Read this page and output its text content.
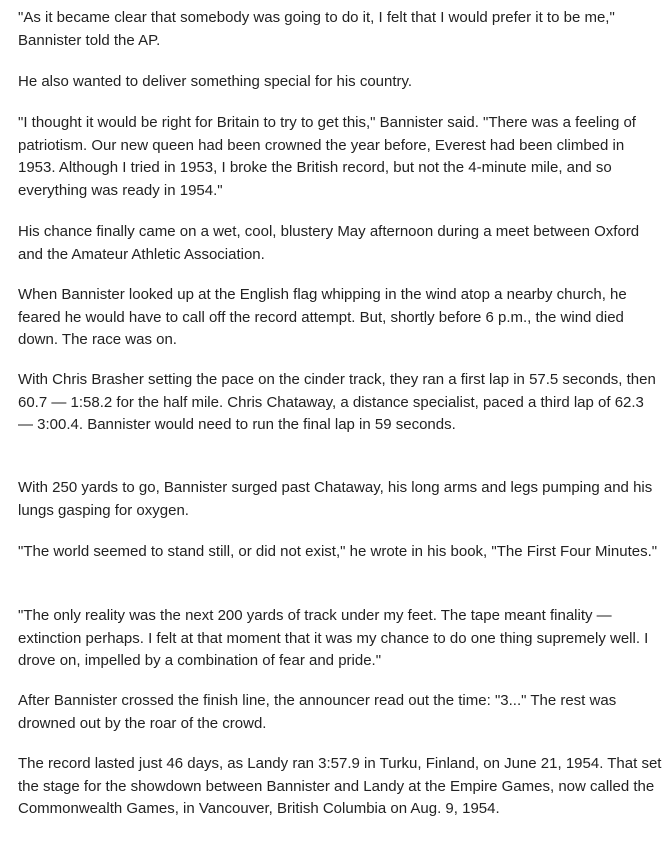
"As it became clear that somebody was going to do it, I felt that I would prefer it to be me," Bannister told the AP.

He also wanted to deliver something special for his country.

"I thought it would be right for Britain to try to get this," Bannister said. "There was a feeling of patriotism. Our new queen had been crowned the year before, Everest had been climbed in 1953. Although I tried in 1953, I broke the British record, but not the 4-minute mile, and so everything was ready in 1954."

His chance finally came on a wet, cool, blustery May afternoon during a meet between Oxford and the Amateur Athletic Association.

When Bannister looked up at the English flag whipping in the wind atop a nearby church, he feared he would have to call off the record attempt. But, shortly before 6 p.m., the wind died down. The race was on.

With Chris Brasher setting the pace on the cinder track, they ran a first lap in 57.5 seconds, then 60.7 — 1:58.2 for the half mile. Chris Chataway, a distance specialist, paced a third lap of 62.3 — 3:00.4. Bannister would need to run the final lap in 59 seconds.

With 250 yards to go, Bannister surged past Chataway, his long arms and legs pumping and his lungs gasping for oxygen.

"The world seemed to stand still, or did not exist," he wrote in his book, "The First Four Minutes."

"The only reality was the next 200 yards of track under my feet. The tape meant finality — extinction perhaps. I felt at that moment that it was my chance to do one thing supremely well. I drove on, impelled by a combination of fear and pride."

After Bannister crossed the finish line, the announcer read out the time: "3..." The rest was drowned out by the roar of the crowd.

The record lasted just 46 days, as Landy ran 3:57.9 in Turku, Finland, on June 21, 1954. That set the stage for the showdown between Bannister and Landy at the Empire Games, now called the Commonwealth Games, in Vancouver, British Columbia on Aug. 9, 1954.
